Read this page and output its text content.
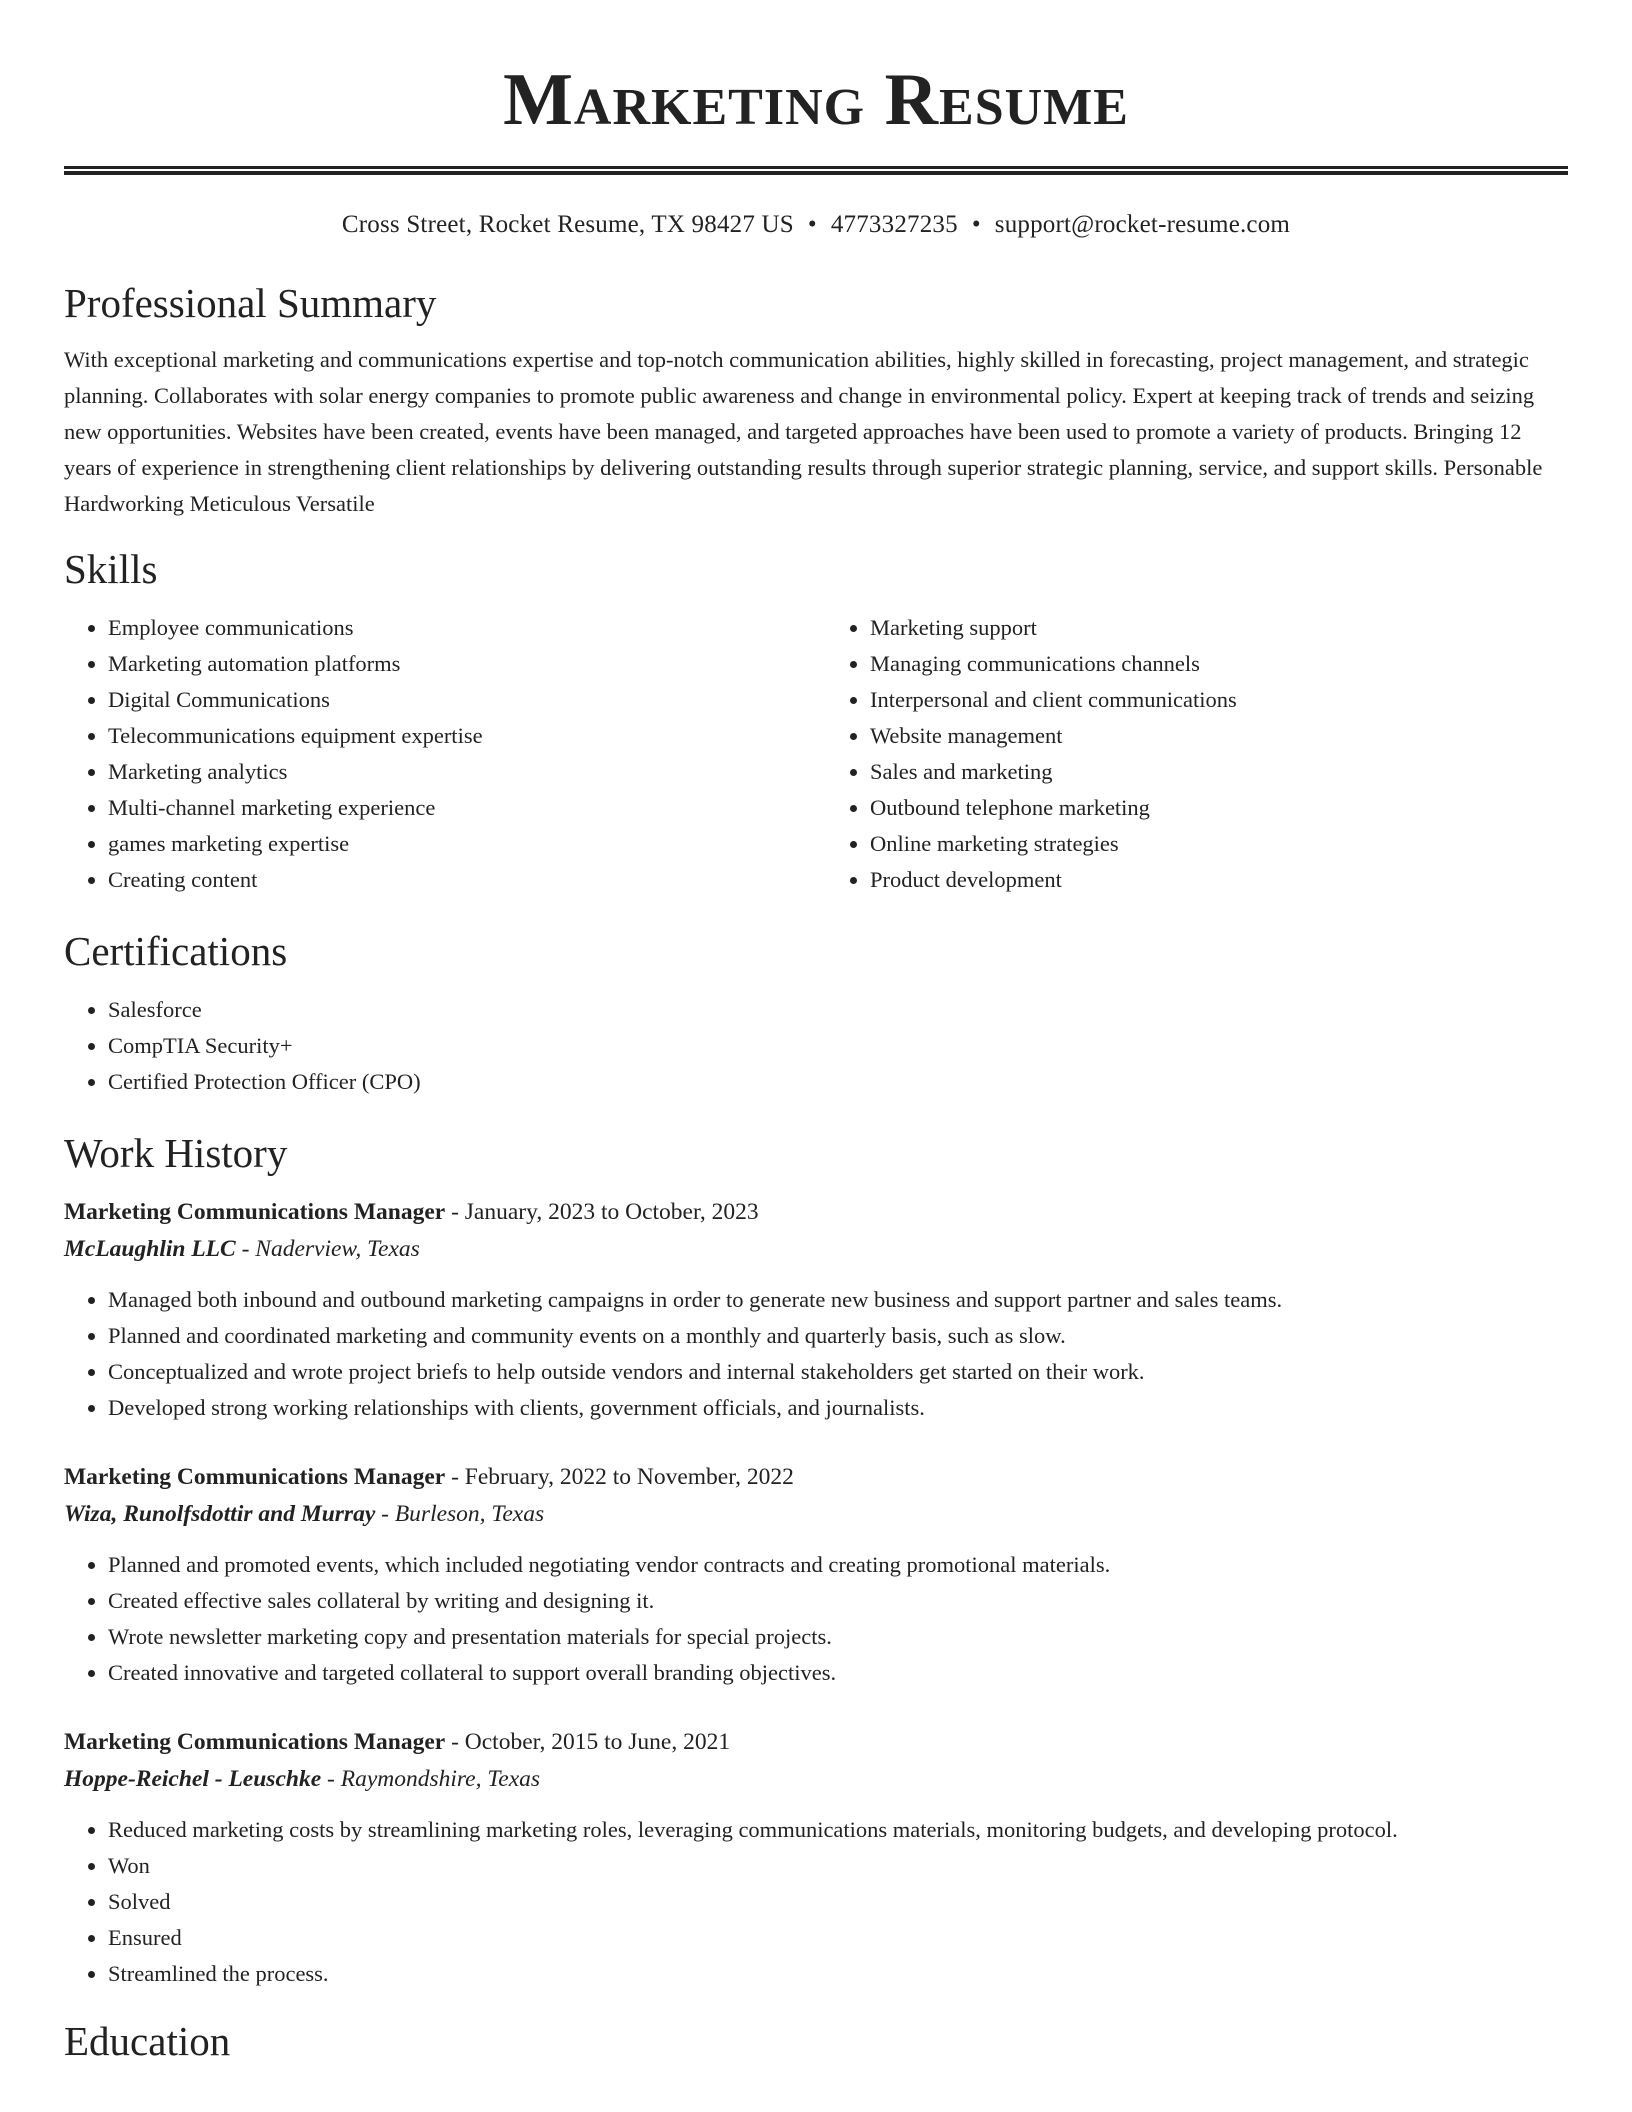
Marketing Resume
Cross Street, Rocket Resume, TX 98427 US • 4773327235 • support@rocket-resume.com
Professional Summary

With exceptional marketing and communications expertise and top-notch communication abilities, highly skilled in forecasting, project management, and strategic planning. Collaborates with solar energy companies to promote public awareness and change in environmental policy. Expert at keeping track of trends and seizing new opportunities. Websites have been created, events have been managed, and targeted approaches have been used to promote a variety of products. Bringing 12 years of experience in strengthening client relationships by delivering outstanding results through superior strategic planning, service, and support skills. Personable Hardworking Meticulous Versatile

Skills
• Employee communications
• Marketing automation platforms
• Digital Communications
• Telecommunications equipment expertise
• Marketing analytics
• Multi-channel marketing experience
• games marketing expertise
• Creating content
• Marketing support
• Managing communications channels
• Interpersonal and client communications
• Website management
• Sales and marketing
• Outbound telephone marketing
• Online marketing strategies
• Product development
Certifications
• Salesforce
• CompTIA Security+
• Certified Protection Officer (CPO)
Work History
Marketing Communications Manager - January, 2023 to October, 2023
McLaughlin LLC - Naderview, Texas
• Managed both inbound and outbound marketing campaigns in order to generate new business and support partner and sales teams.
• Planned and coordinated marketing and community events on a monthly and quarterly basis, such as slow.
• Conceptualized and wrote project briefs to help outside vendors and internal stakeholders get started on their work.
• Developed strong working relationships with clients, government officials, and journalists.
Marketing Communications Manager - February, 2022 to November, 2022
Wiza, Runolfsdottir and Murray - Burleson, Texas
• Planned and promoted events, which included negotiating vendor contracts and creating promotional materials.
• Created effective sales collateral by writing and designing it.
• Wrote newsletter marketing copy and presentation materials for special projects.
• Created innovative and targeted collateral to support overall branding objectives.
Marketing Communications Manager - October, 2015 to June, 2021
Hoppe-Reichel - Leuschke - Raymondshire, Texas
• Reduced marketing costs by streamlining marketing roles, leveraging communications materials, monitoring budgets, and developing protocol.
• Won
• Solved
• Ensured
• Streamlined the process.
Education
